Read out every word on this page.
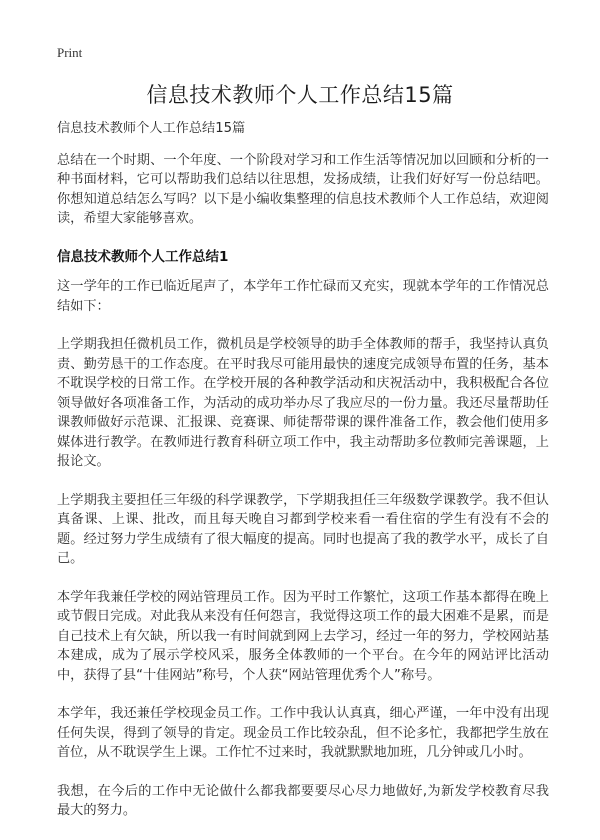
Print
信息技术教师个人工作总结15篇

信息技术教师个人工作总结15篇

总结在一个时期、一个年度、一个阶段对学习和工作生活等情况加以回顾和分析的一种书面材料，它可以帮助我们总结以往思想，发扬成绩，让我们好好写一份总结吧。你想知道总结怎么写吗？以下是小编收集整理的信息技术教师个人工作总结，欢迎阅读，希望大家能够喜欢。

信息技术教师个人工作总结1

这一学年的工作已临近尾声了，本学年工作忙碌而又充实，现就本学年的工作情况总结如下：

上学期我担任微机员工作，微机员是学校领导的助手全体教师的帮手，我坚持认真负责、勤劳恳干的工作态度。在平时我尽可能用最快的速度完成领导布置的任务，基本不耽误学校的日常工作。在学校开展的各种教学活动和庆祝活动中，我积极配合各位领导做好各项准备工作，为活动的成功举办尽了我应尽的一份力量。我还尽量帮助任课教师做好示范课、汇报课、竞赛课、师徒帮带课的课件准备工作，教会他们使用多媒体进行教学。在教师进行教育科研立项工作中，我主动帮助多位教师完善课题，上报论文。

上学期我主要担任三年级的科学课教学，下学期我担任三年级数学课教学。我不但认真备课、上课、批改，而且每天晚自习都到学校来看一看住宿的学生有没有不会的题。经过努力学生成绩有了很大幅度的提高。同时也提高了我的教学水平，成长了自己。

本学年我兼任学校的网站管理员工作。因为平时工作繁忙，这项工作基本都得在晚上或节假日完成。对此我从来没有任何怨言，我觉得这项工作的最大困难不是累，而是自己技术上有欠缺，所以我一有时间就到网上去学习，经过一年的努力，学校网站基本建成，成为了展示学校风采，服务全体教师的一个平台。在今年的网站评比活动中，获得了县“十佳网站”称号，个人获“网站管理优秀个人”称号。

本学年，我还兼任学校现金员工作。工作中我认认真真，细心严谨，一年中没有出现任何失误，得到了领导的肯定。现金员工作比较杂乱，但不论多忙，我都把学生放在首位，从不耽误学生上课。工作忙不过来时，我就默默地加班，几分钟或几小时。

我想，在今后的工作中无论做什么都我都要要尽心尽力地做好,为新发学校教育尽我最大的努力。
